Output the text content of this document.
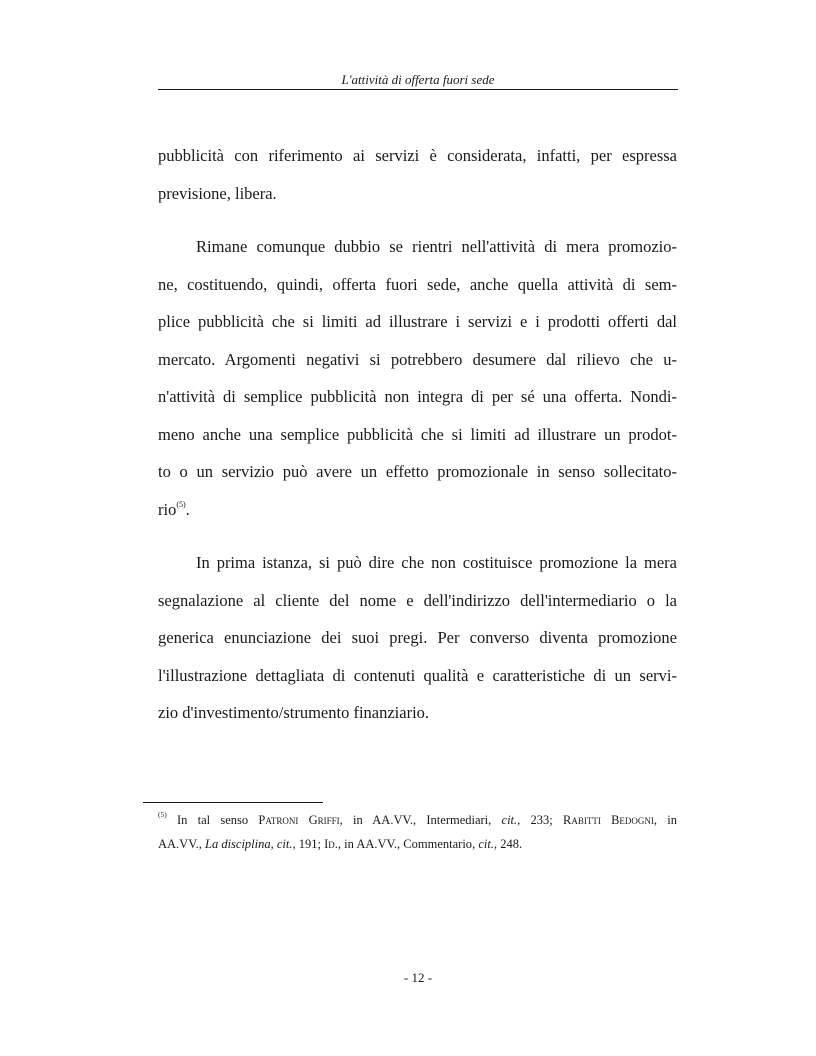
L'attività di offerta fuori sede

pubblicità con riferimento ai servizi è considerata, infatti, per espressa
previsione, libera.

Rimane comunque dubbio se rientri nell'attività di mera promozio-
ne, costituendo, quindi, offerta fuori sede, anche quella attività di sem-
plice pubblicità che si limiti ad illustrare i servizi e i prodotti offerti dal
mercato. Argomenti negativi si potrebbero desumere dal rilievo che u-
n'attività di semplice pubblicità non integra di per sé una offerta. Nondi-
meno anche una semplice pubblicità che si limiti ad illustrare un prodot-
to o un servizio può avere un effetto promozionale in senso sollecitato-
rio$^{(5)}$.

In prima istanza, si può dire che non costituisce promozione la mera
segnalazione al cliente del nome e dell'indirizzo dell'intermediario o la
generica enunciazione dei suoi pregi. Per converso diventa promozione
l'illustrazione dettagliata di contenuti qualità e caratteristiche di un servi-
zio d'investimento/strumento finanziario.

$^{(5)}$ In tal senso Patroni Griffi, in AA.VV., Intermediari, cit., 233; Rabitti Bedogni, in
AA.VV., La disciplina, cit., 191; Id., in AA.VV., Commentario, cit., 248.
- 12 -
